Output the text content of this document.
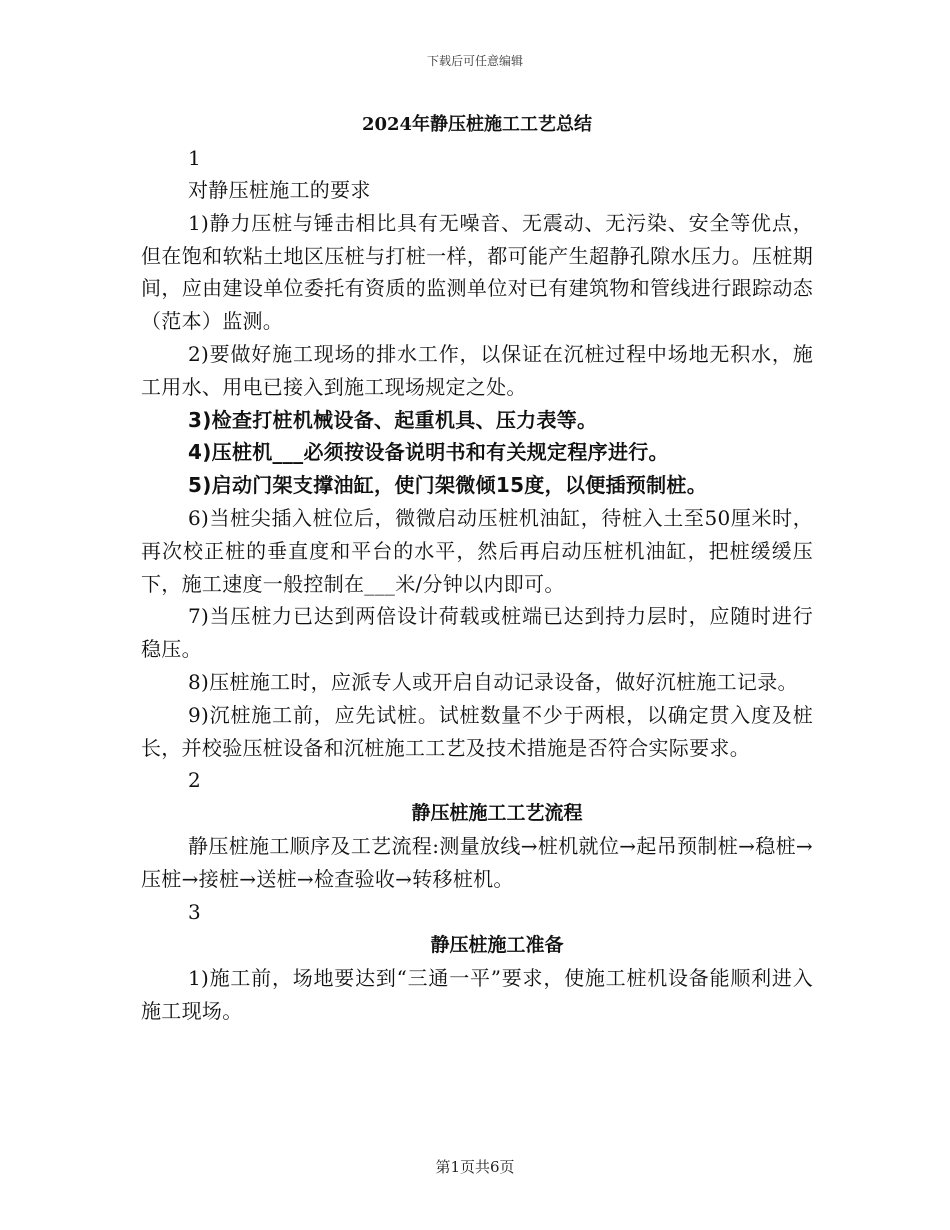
下载后可任意编辑
2024年静压桩施工工艺总结
1

对静压桩施工的要求

1)静力压桩与锤击相比具有无噪音、无震动、无污染、安全等优点，但在饱和软粘土地区压桩与打桩一样，都可能产生超静孔隙水压力。压桩期间，应由建设单位委托有资质的监测单位对已有建筑物和管线进行跟踪动态（范本）监测。

2)要做好施工现场的排水工作，以保证在沉桩过程中场地无积水，施工用水、用电已接入到施工现场规定之处。

3)检查打桩机械设备、起重机具、压力表等。

4)压桩机___必须按设备说明书和有关规定程序进行。

5)启动门架支撑油缸，使门架微倾15度，以便插预制桩。

6)当桩尖插入桩位后，微微启动压桩机油缸，待桩入土至50厘米时，再次校正桩的垂直度和平台的水平，然后再启动压桩机油缸，把桩缓缓压下，施工速度一般控制在___米/分钟以内即可。

7)当压桩力已达到两倍设计荷载或桩端已达到持力层时，应随时进行稳压。

8)压桩施工时，应派专人或开启自动记录设备，做好沉桩施工记录。

9)沉桩施工前，应先试桩。试桩数量不少于两根，以确定贯入度及桩长，并校验压桩设备和沉桩施工工艺及技术措施是否符合实际要求。

2
静压桩施工工艺流程

静压桩施工顺序及工艺流程:测量放线→桩机就位→起吊预制桩→稳桩→压桩→接桩→送桩→检查验收→转移桩机。

3
静压桩施工准备

1)施工前，场地要达到“三通一平”要求，使施工桩机设备能顺利进入施工现场。

第1页共6页
